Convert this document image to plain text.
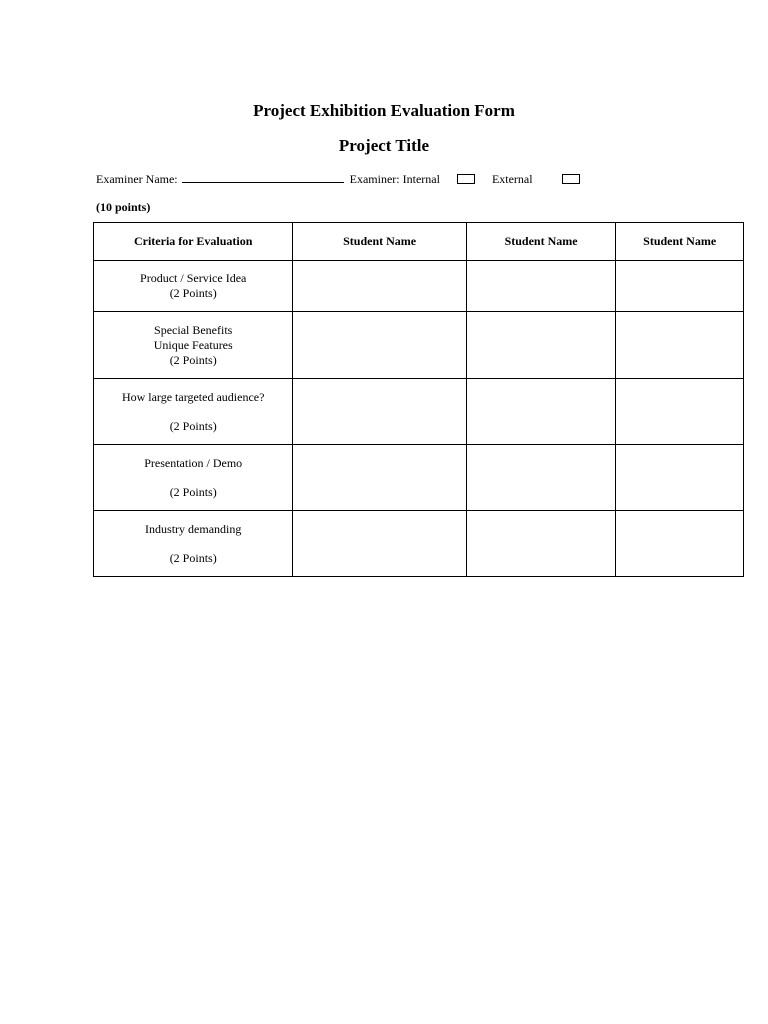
Project Exhibition Evaluation Form
Project Title
Examiner Name:	Examiner: Internal	External
(10 points)
Criteria for Evaluation	Student Name	Student Name	Student Name

Product / Service Idea
(2 Points)			

Special Benefits
Unique Features
(2 Points)			

How large targeted audience?
(2 Points)			

Presentation / Demo
(2 Points)			

Industry demanding
(2 Points)			
